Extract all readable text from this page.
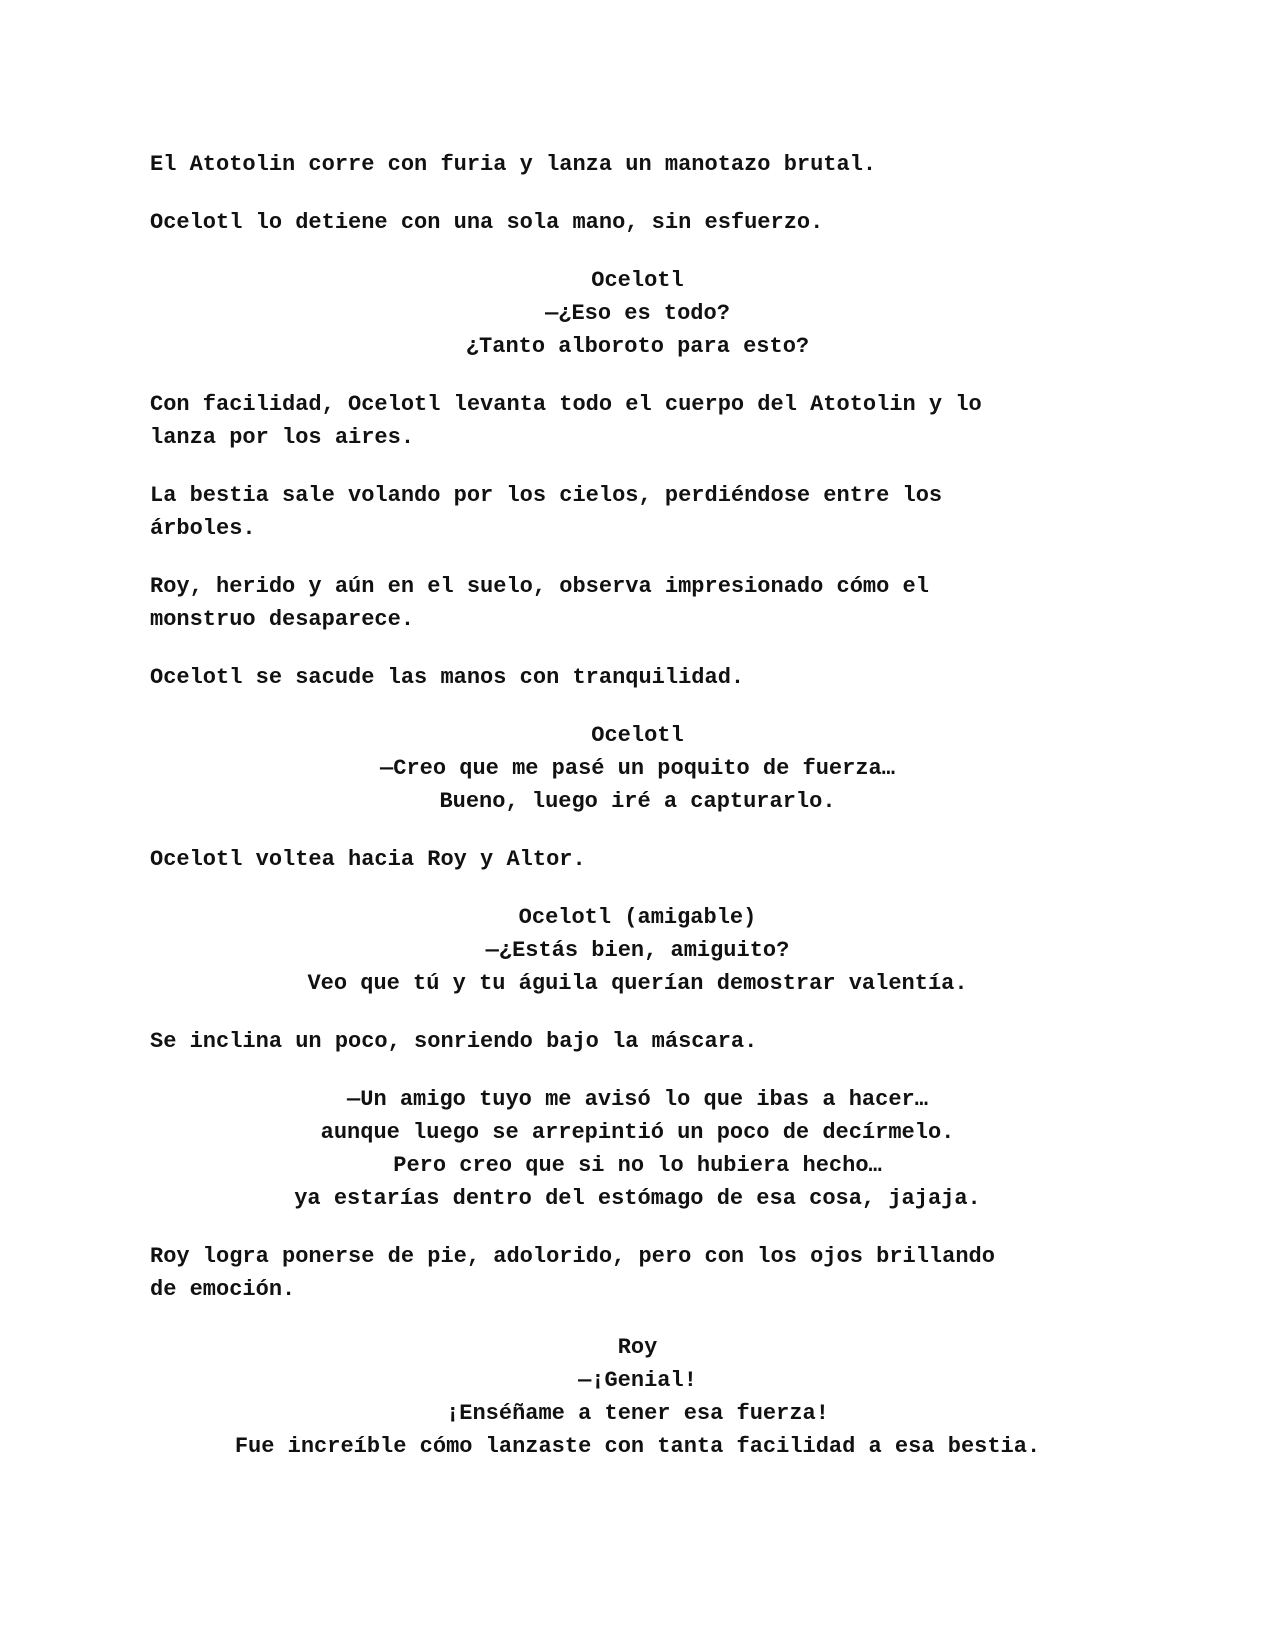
El Atotolin corre con furia y lanza un manotazo brutal.
Ocelotl lo detiene con una sola mano, sin esfuerzo.
Ocelotl
—¿Eso es todo?
¿Tanto alboroto para esto?
Con facilidad, Ocelotl levanta todo el cuerpo del Atotolin y lo
lanza por los aires.
La bestia sale volando por los cielos, perdiéndose entre los
árboles.
Roy, herido y aún en el suelo, observa impresionado cómo el
monstruo desaparece.
Ocelotl se sacude las manos con tranquilidad.
Ocelotl
—Creo que me pasé un poquito de fuerza…
Bueno, luego iré a capturarlo.
Ocelotl voltea hacia Roy y Altor.
Ocelotl (amigable)
—¿Estás bien, amiguito?
Veo que tú y tu águila querían demostrar valentía.
Se inclina un poco, sonriendo bajo la máscara.
—Un amigo tuyo me avisó lo que ibas a hacer…
aunque luego se arrepintió un poco de decírmelo.
Pero creo que si no lo hubiera hecho…
ya estarías dentro del estómago de esa cosa, jajaja.
Roy logra ponerse de pie, adolorido, pero con los ojos brillando
de emoción.
Roy
—¡Genial!
¡Enséñame a tener esa fuerza!
Fue increíble cómo lanzaste con tanta facilidad a esa bestia.
